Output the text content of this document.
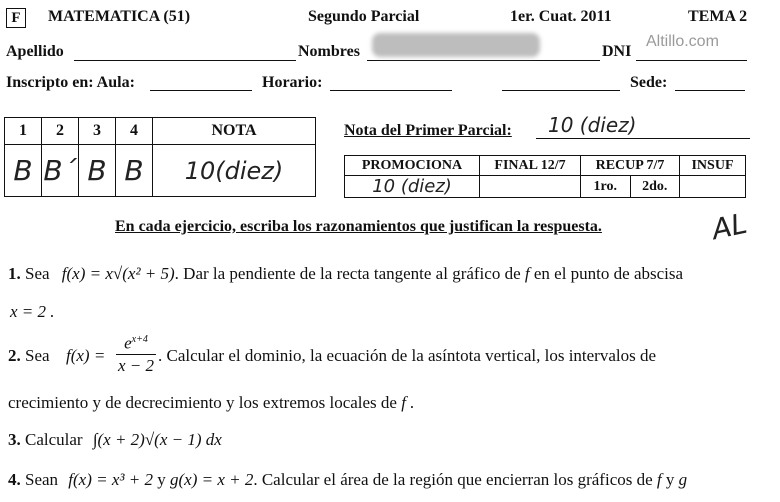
F	MATEMATICA (51)	Segundo Parcial	1er. Cuat. 2011	TEMA 2
Apellido	Nombres	DNI
Altillo.com
Inscripto en: Aula:	Horario:	Sede:
1	2	3	4	NOTA
B	B´	B	B	10(diez)
Nota del Primer Parcial: 10 (diez)
PROMOCIONA	FINAL 12/7	RECUP 7/7		INSUF
10 (diez)		1ro.	2do.	
AL
En cada ejercicio, escriba los razonamientos que justifican la respuesta.
1. Sea f(x) = x√(x² + 5). Dar la pendiente de la recta tangente al gráfico de f en el punto de abscisa
x = 2 .
2. Sea $f(x) = \frac{e^{x+4}}{x - 2}$ . Calcular el dominio, la ecuación de la asíntota vertical, los intervalos de
crecimiento y de decrecimiento y los extremos locales de f .
3. Calcular ∫(x + 2)√(x − 1) dx
4. Sean f(x) = x³ + 2 y g(x) = x + 2. Calcular el área de la región que encierran los gráficos de f y g
